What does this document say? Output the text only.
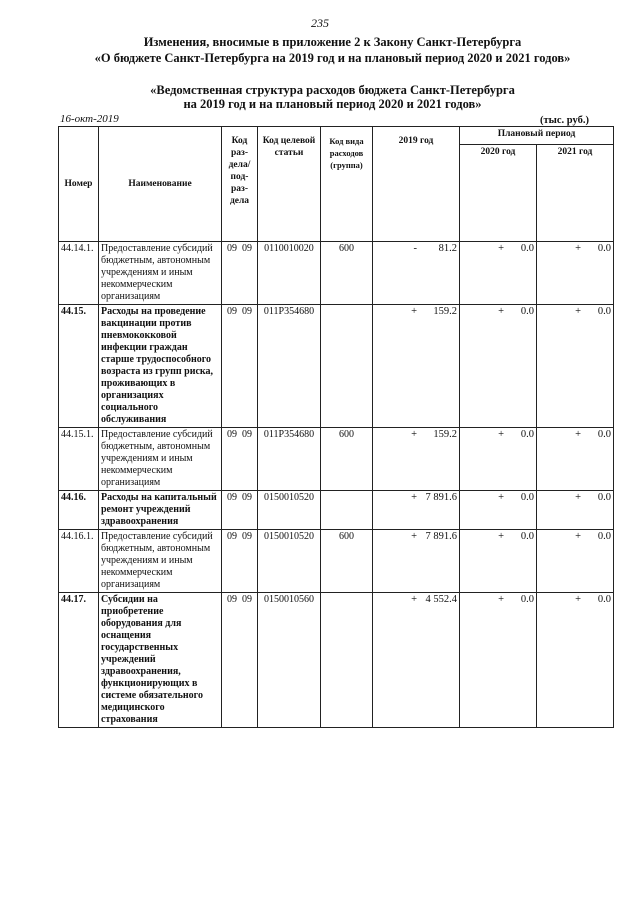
235
Изменения, вносимые в приложение 2 к Закону Санкт-Петербурга
«О бюджете Санкт-Петербурга на 2019 год и на плановый период 2020 и 2021 годов»
«Ведомственная структура расходов бюджета Санкт-Петербурга
на 2019 год и на плановый период 2020 и 2021 годов»
16-окт-2019	(тыс. руб.)
Номер	Наименование	Код раз- дела/ под- раз- дела	Код целевой статьи	Код вида расходов (группа)	2019 год	Плановый период	
						2020 год	2021 год
44.14.1.	Предоставление субсидий бюджетным, автономным учреждениям и иным некоммерческим организациям	09 09	0110010020	600	- 81.2	+ 0.0	+ 0.0

44.15.	Расходы на проведение вакцинации против пневмококковой инфекции граждан старше трудоспособного возраста из групп риска, проживающих в организациях социального обслуживания	09 09	011P354680		+ 159.2	+ 0.0	+ 0.0

44.15.1.	Предоставление субсидий бюджетным, автономным учреждениям и иным некоммерческим организациям	09 09	011P354680	600	+ 159.2	+ 0.0	+ 0.0

44.16.	Расходы на капитальный ремонт учреждений здравоохранения	09 09	0150010520		+ 7 891.6	+ 0.0	+ 0.0

44.16.1.	Предоставление субсидий бюджетным, автономным учреждениям и иным некоммерческим организациям	09 09	0150010520	600	+ 7 891.6	+ 0.0	+ 0.0

44.17.	Субсидии на приобретение оборудования для оснащения государственных учреждений здравоохранения, функционирующих в системе обязательного медицинского страхования	09 09	0150010560		+ 4 552.4	+ 0.0	+ 0.0
